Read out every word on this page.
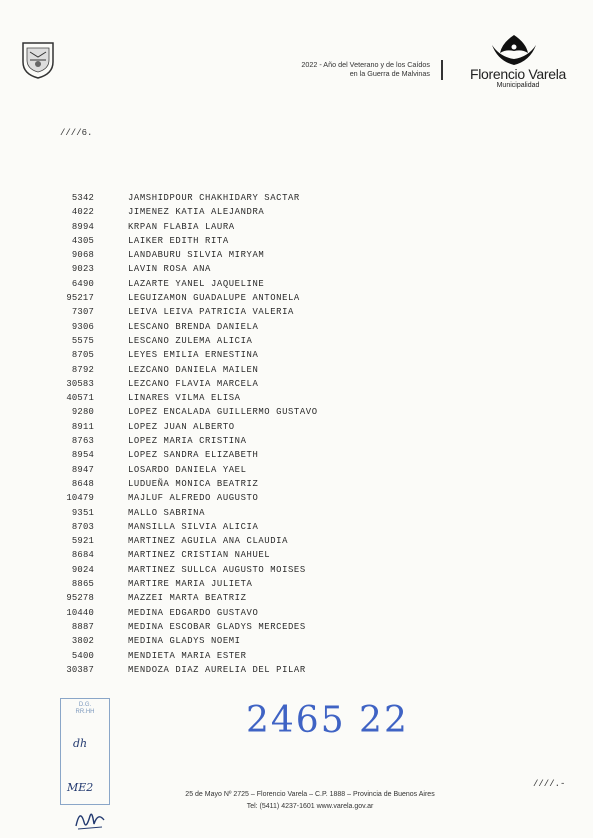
2022 - Año del Veterano y de los Caídos
en la Guerra de Malvinas	Florencio Varela
Municipalidad
////6.
5342	JAMSHIDPOUR CHAKHIDARY SACTAR
4022	JIMENEZ KATIA ALEJANDRA
8994	KRPAN FLABIA LAURA
4305	LAIKER EDITH RITA
9068	LANDABURU SILVIA MIRYAM
9023	LAVIN ROSA ANA
6490	LAZARTE YANEL JAQUELINE
95217	LEGUIZAMON GUADALUPE ANTONELA
7307	LEIVA LEIVA PATRICIA VALERIA
9306	LESCANO BRENDA DANIELA
5575	LESCANO ZULEMA ALICIA
8705	LEYES EMILIA ERNESTINA
8792	LEZCANO DANIELA MAILEN
30583	LEZCANO FLAVIA MARCELA
40571	LINARES VILMA ELISA
9280	LOPEZ ENCALADA GUILLERMO GUSTAVO
8911	LOPEZ JUAN ALBERTO
8763	LOPEZ MARIA CRISTINA
8954	LOPEZ SANDRA ELIZABETH
8947	LOSARDO DANIELA YAEL
8648	LUDUEÑA MONICA BEATRIZ
10479	MAJLUF ALFREDO AUGUSTO
9351	MALLO SABRINA
8703	MANSILLA SILVIA ALICIA
5921	MARTINEZ AGUILA ANA CLAUDIA
8684	MARTINEZ CRISTIAN NAHUEL
9024	MARTINEZ SULLCA AUGUSTO MOISES
8865	MARTIRE MARIA JULIETA
95278	MAZZEI MARTA BEATRIZ
10440	MEDINA EDGARDO GUSTAVO
8887	MEDINA ESCOBAR GLADYS MERCEDES
3802	MEDINA GLADYS NOEMI
5400	MENDIETA MARIA ESTER
30387	MENDOZA DIAZ AURELIA DEL PILAR
D.G.
RR.HH
dh
ME2
2465 22
////.-
25 de Mayo Nº 2725 – Florencio Varela – C.P. 1888 – Provincia de Buenos Aires
Tel: (5411) 4237-1601 www.varela.gov.ar
